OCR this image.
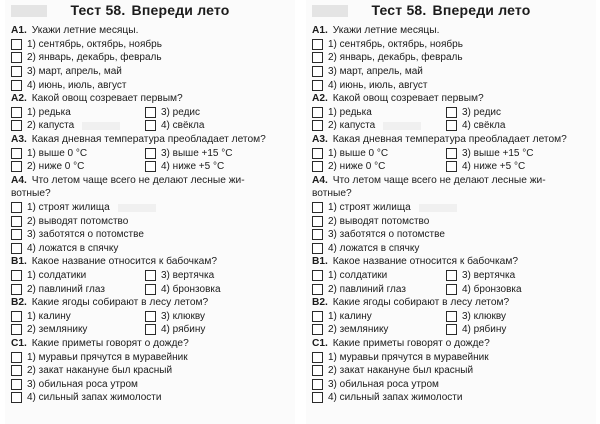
Тест 58. Впереди лето
A1. Укажи летние месяцы.
1) сентябрь, октябрь, ноябрь
2) январь, декабрь, февраль
3) март, апрель, май
4) июнь, июль, август
A2. Какой овощ созревает первым?
1) редька	3) редис
2) капуста	4) свёкла
A3. Какая дневная температура преобладает летом?
1) выше 0 °C	3) выше +15 °C
2) ниже 0 °C	4) ниже +5 °C
A4. Что летом чаще всего не делают лесные жи-
вотные?
1) строят жилища
2) выводят потомство
3) заботятся о потомстве
4) ложатся в спячку
B1. Какое название относится к бабочкам?
1) солдатики	3) вертячка
2) павлиний глаз	4) бронзовка
B2. Какие ягоды собирают в лесу летом?
1) калину	3) клюкву
2) землянику	4) рябину
C1. Какие приметы говорят о дожде?
1) муравьи прячутся в муравейник
2) закат накануне был красный
3) обильная роса утром
4) сильный запах жимолости
Тест 58. Впереди лето
A1. Укажи летние месяцы.
1) сентябрь, октябрь, ноябрь
2) январь, декабрь, февраль
3) март, апрель, май
4) июнь, июль, август
A2. Какой овощ созревает первым?
1) редька	3) редис
2) капуста	4) свёкла
A3. Какая дневная температура преобладает летом?
1) выше 0 °C	3) выше +15 °C
2) ниже 0 °C	4) ниже +5 °C
A4. Что летом чаще всего не делают лесные жи-
вотные?
1) строят жилища
2) выводят потомство
3) заботятся о потомстве
4) ложатся в спячку
B1. Какое название относится к бабочкам?
1) солдатики	3) вертячка
2) павлиний глаз	4) бронзовка
B2. Какие ягоды собирают в лесу летом?
1) калину	3) клюкву
2) землянику	4) рябину
C1. Какие приметы говорят о дожде?
1) муравьи прячутся в муравейник
2) закат накануне был красный
3) обильная роса утром
4) сильный запах жимолости
